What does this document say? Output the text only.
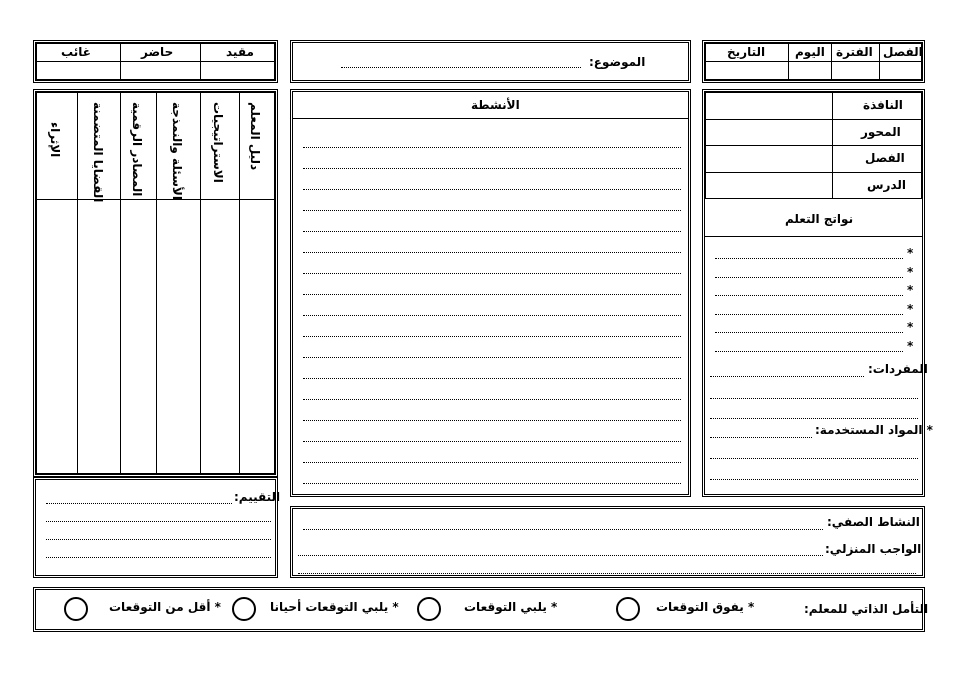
مقيد
حاضر
غائب
الموضوع:
الفصل
الفترة
اليوم
التاريخ
دليل المعلم
الاستراتيجيات
الأسئلة والنمذجة
المصادر الرقمية
القضايا المتضمنة
الإثراء
الأنشطة	النافذة
المحور
الفصل
الدرس
نواتج التعلم
*
*
*
*
*
*
المفردات:
* المواد المستخدمة:
التقييم:
النشاط الصفي:
الواجب المنزلي:
التأمل الذاتي للمعلم:
* يفوق التوقعات
* يلبي التوقعات
* يلبي التوقعات أحيانا
* أقل من التوقعات
